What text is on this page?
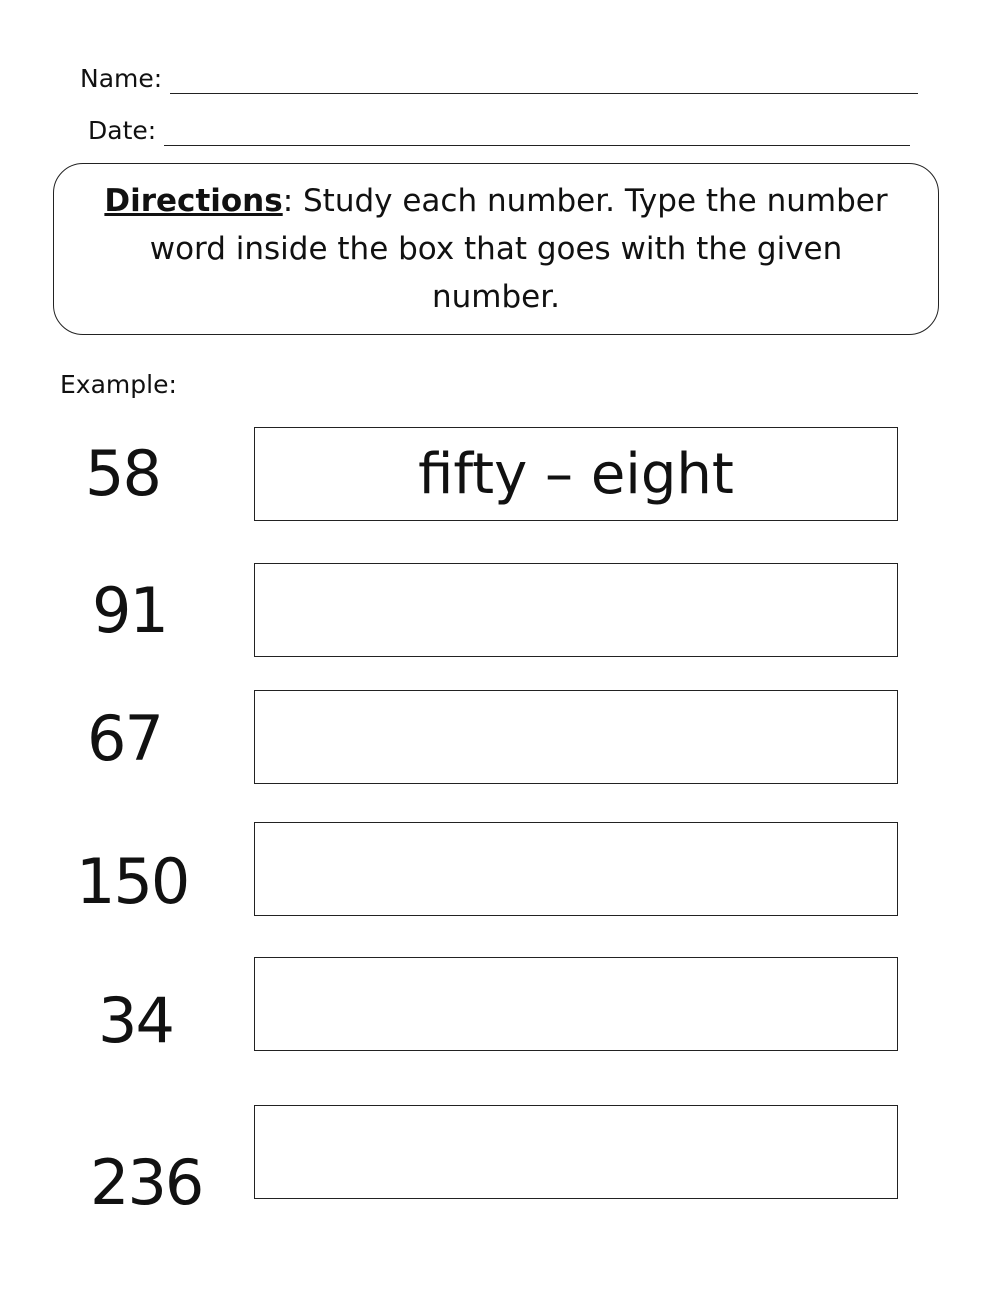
Name:
Date:

Directions: Study each number. Type the number word inside the box that goes with the given number.

Example:
58	fifty – eight
91
67
150
34
236
